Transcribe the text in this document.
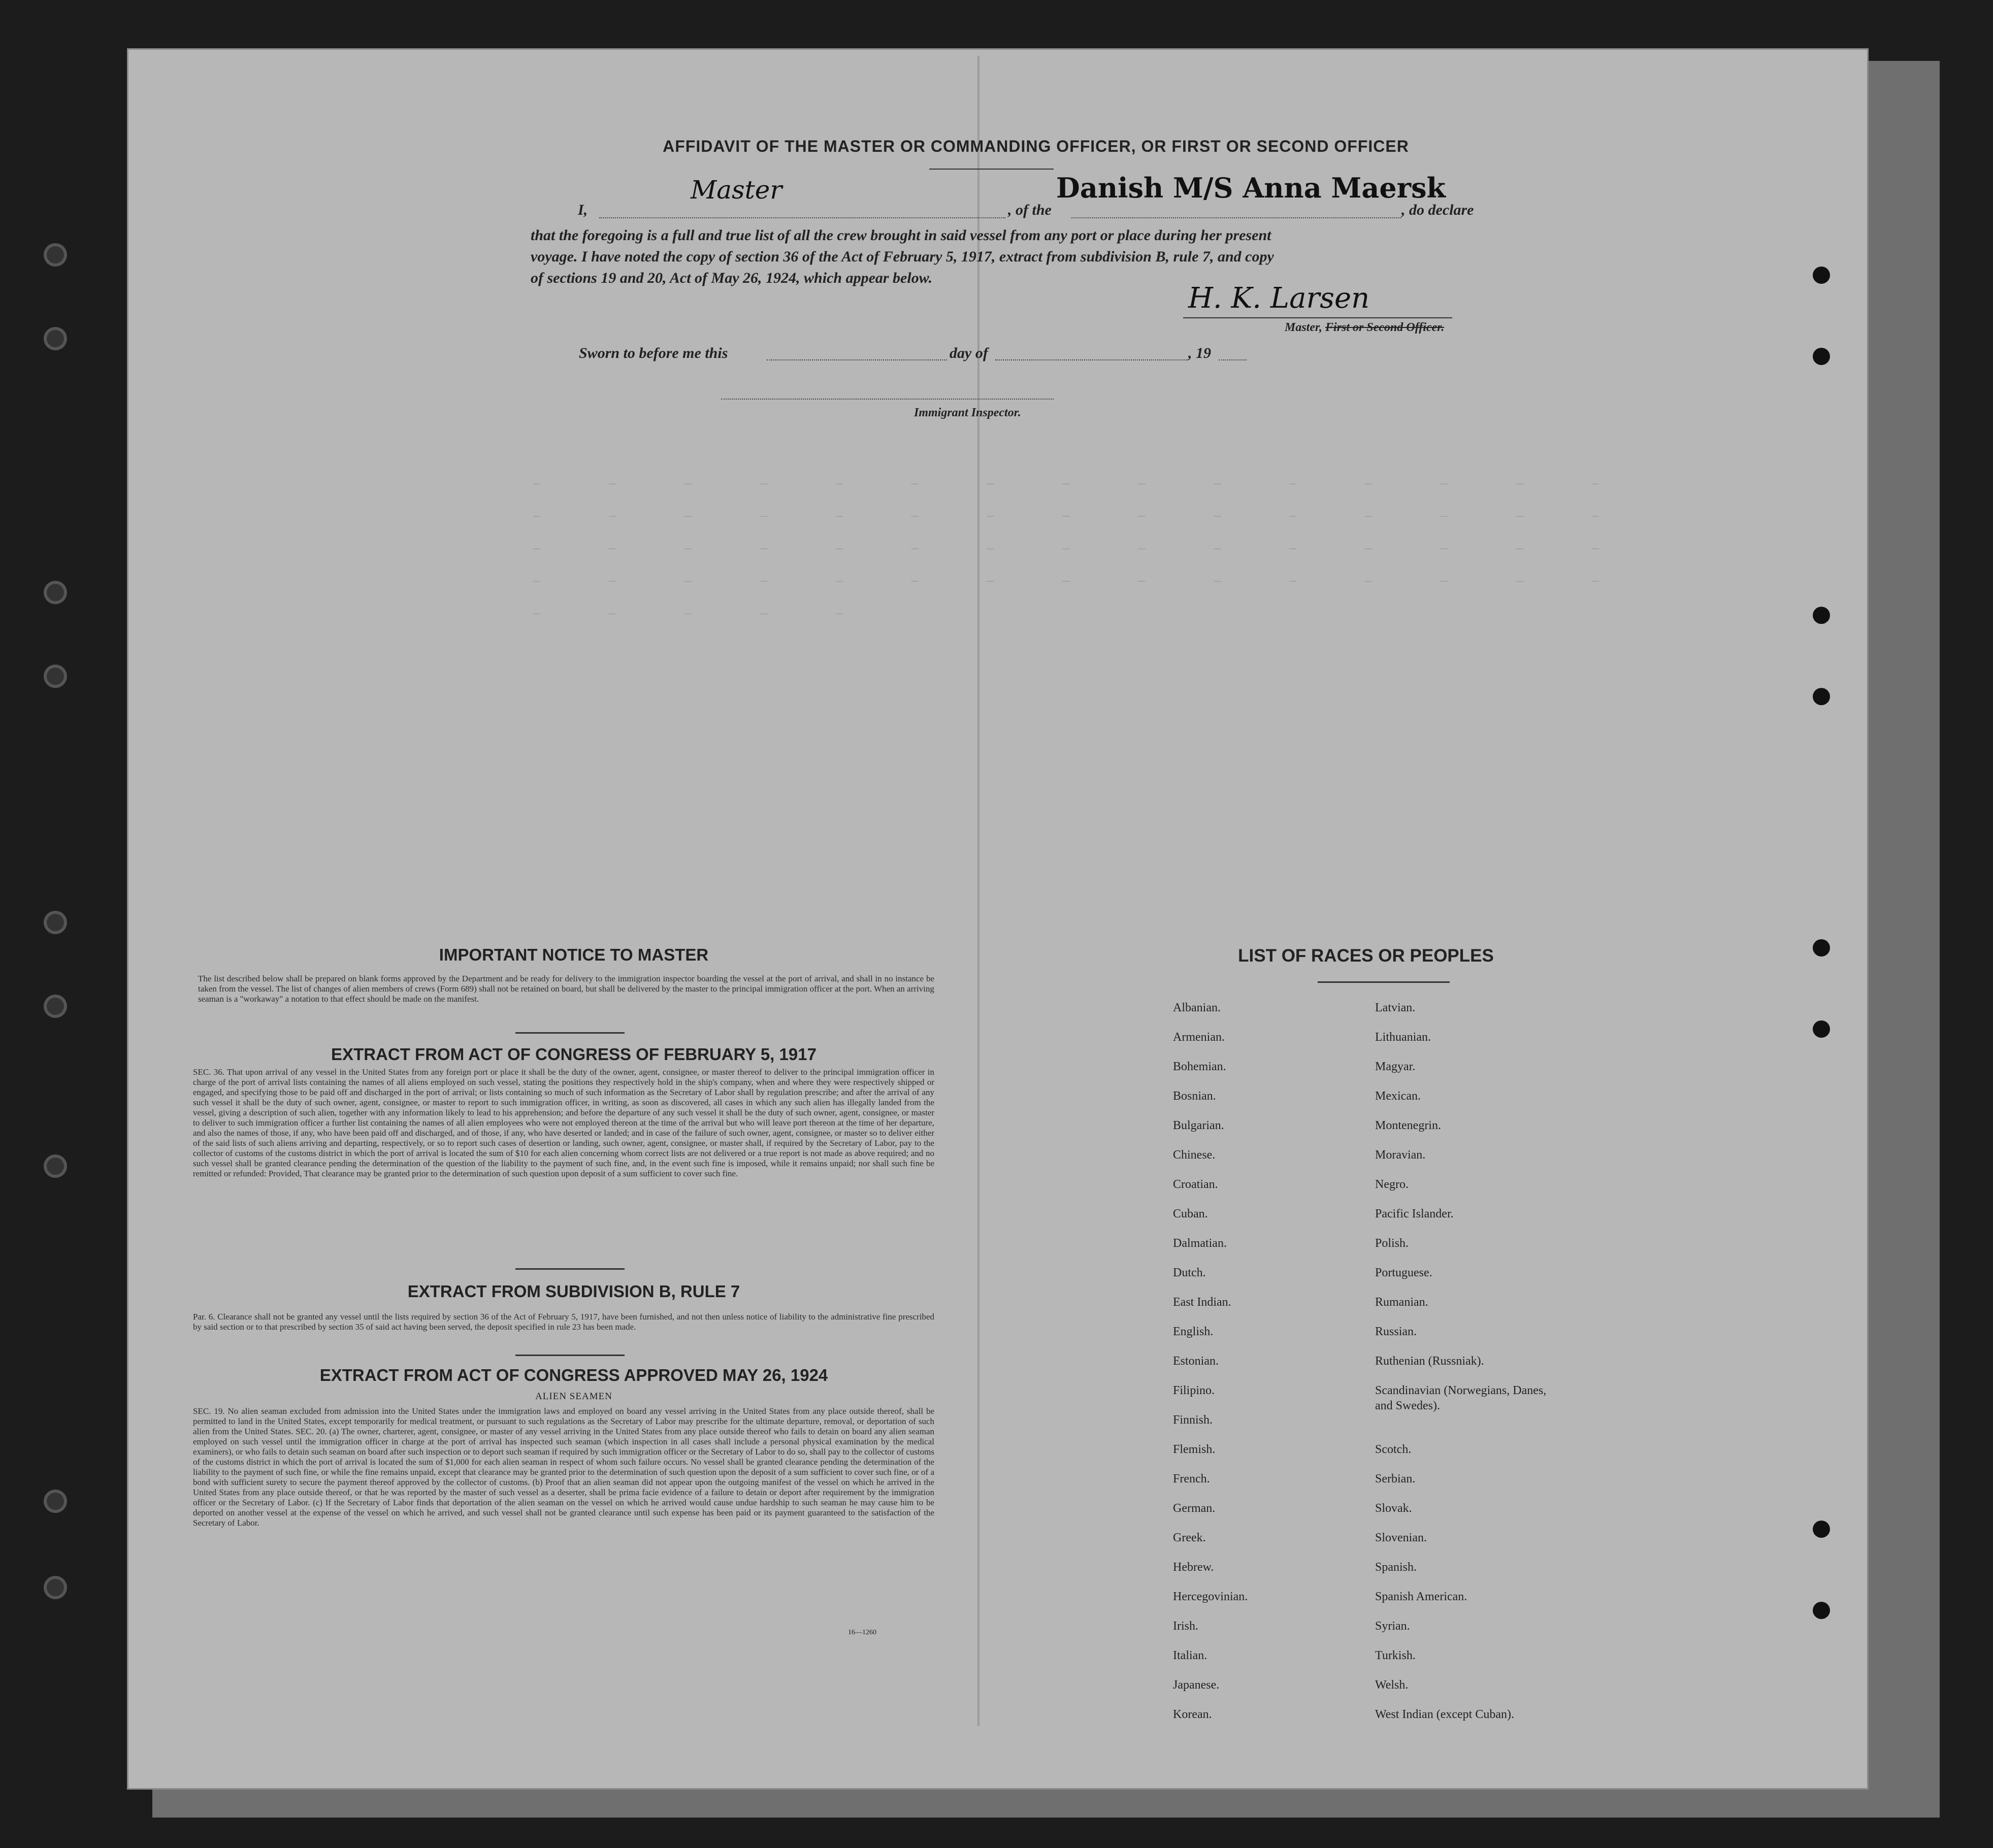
‒ ‒ ‒ ‒ ‒ ‒ ‒ ‒ ‒ ‒ ‒ ‒ ‒ ‒ ‒ ‒ ‒ ‒ ‒ ‒ ‒ ‒ ‒ ‒ ‒ ‒ ‒ ‒ ‒ ‒ ‒ ‒ ‒ ‒ ‒ ‒ ‒ ‒ ‒ ‒ ‒ ‒ ‒ ‒ ‒ ‒ ‒ ‒ ‒ ‒ ‒ ‒ ‒ ‒ ‒ ‒ ‒ ‒ ‒ ‒ ‒ ‒ ‒ ‒ ‒
AFFIDAVIT OF THE MASTER OR COMMANDING OFFICER, OR FIRST OR SECOND OFFICER
I,
Master
, of the
Danish M/S Anna Maersk
, do declare
that the foregoing is a full and true list of all the crew brought in said vessel from any port or place during her present
voyage. I have noted the copy of section 36 of the Act of February 5, 1917, extract from subdivision B, rule 7, and copy
of sections 19 and 20, Act of May 26, 1924, which appear below.
H. K. Larsen
Master, First or Second Officer.
Sworn to before me this	day of	, 19
Immigrant Inspector.
IMPORTANT NOTICE TO MASTER
The list described below shall be prepared on blank forms approved by the Department and be ready for delivery to the immigration inspector boarding the vessel at the port of arrival, and shall in no instance be taken from the vessel. The list of changes of alien members of crews (Form 689) shall not be retained on board, but shall be delivered by the master to the principal immigration officer at the port. When an arriving seaman is a "workaway" a notation to that effect should be made on the manifest.
EXTRACT FROM ACT OF CONGRESS OF FEBRUARY 5, 1917
SEC. 36. That upon arrival of any vessel in the United States from any foreign port or place it shall be the duty of the owner, agent, consignee, or master thereof to deliver to the principal immigration officer in charge of the port of arrival lists containing the names of all aliens employed on such vessel, stating the positions they respectively hold in the ship's company, when and where they were respectively shipped or engaged, and specifying those to be paid off and discharged in the port of arrival; or lists containing so much of such information as the Secretary of Labor shall by regulation prescribe; and after the arrival of any such vessel it shall be the duty of such owner, agent, consignee, or master to report to such immigration officer, in writing, as soon as discovered, all cases in which any such alien has illegally landed from the vessel, giving a description of such alien, together with any information likely to lead to his apprehension; and before the departure of any such vessel it shall be the duty of such owner, agent, consignee, or master to deliver to such immigration officer a further list containing the names of all alien employees who were not employed thereon at the time of the arrival but who will leave port thereon at the time of her departure, and also the names of those, if any, who have been paid off and discharged, and of those, if any, who have deserted or landed; and in case of the failure of such owner, agent, consignee, or master so to deliver either of the said lists of such aliens arriving and departing, respectively, or so to report such cases of desertion or landing, such owner, agent, consignee, or master shall, if required by the Secretary of Labor, pay to the collector of customs of the customs district in which the port of arrival is located the sum of $10 for each alien concerning whom correct lists are not delivered or a true report is not made as above required; and no such vessel shall be granted clearance pending the determination of the question of the liability to the payment of such fine, and, in the event such fine is imposed, while it remains unpaid; nor shall such fine be remitted or refunded: Provided, That clearance may be granted prior to the determination of such question upon deposit of a sum sufficient to cover such fine.
EXTRACT FROM SUBDIVISION B, RULE 7
Par. 6. Clearance shall not be granted any vessel until the lists required by section 36 of the Act of February 5, 1917, have been furnished, and not then unless notice of liability to the administrative fine prescribed by said section or to that prescribed by section 35 of said act having been served, the deposit specified in rule 23 has been made.
EXTRACT FROM ACT OF CONGRESS APPROVED MAY 26, 1924
ALIEN SEAMEN
SEC. 19. No alien seaman excluded from admission into the United States under the immigration laws and employed on board any vessel arriving in the United States from any place outside thereof, shall be permitted to land in the United States, except temporarily for medical treatment, or pursuant to such regulations as the Secretary of Labor may prescribe for the ultimate departure, removal, or deportation of such alien from the United States. SEC. 20. (a) The owner, charterer, agent, consignee, or master of any vessel arriving in the United States from any place outside thereof who fails to detain on board any alien seaman employed on such vessel until the immigration officer in charge at the port of arrival has inspected such seaman (which inspection in all cases shall include a personal physical examination by the medical examiners), or who fails to detain such seaman on board after such inspection or to deport such seaman if required by such immigration officer or the Secretary of Labor to do so, shall pay to the collector of customs of the customs district in which the port of arrival is located the sum of $1,000 for each alien seaman in respect of whom such failure occurs. No vessel shall be granted clearance pending the determination of the liability to the payment of such fine, or while the fine remains unpaid, except that clearance may be granted prior to the determination of such question upon the deposit of a sum sufficient to cover such fine, or of a bond with sufficient surety to secure the payment thereof approved by the collector of customs. (b) Proof that an alien seaman did not appear upon the outgoing manifest of the vessel on which he arrived in the United States from any place outside thereof, or that he was reported by the master of such vessel as a deserter, shall be prima facie evidence of a failure to detain or deport after requirement by the immigration officer or the Secretary of Labor. (c) If the Secretary of Labor finds that deportation of the alien seaman on the vessel on which he arrived would cause undue hardship to such seaman he may cause him to be deported on another vessel at the expense of the vessel on which he arrived, and such vessel shall not be granted clearance until such expense has been paid or its payment guaranteed to the satisfaction of the Secretary of Labor.
16—1260
LIST OF RACES OR PEOPLES
Albanian.
Armenian.
Bohemian.
Bosnian.
Bulgarian.
Chinese.
Croatian.
Cuban.
Dalmatian.
Dutch.
East Indian.
English.
Estonian.
Filipino.
Finnish.
Flemish.
French.
German.
Greek.
Hebrew.
Hercegovinian.
Irish.
Italian.
Japanese.
Korean.
Latvian.
Lithuanian.
Magyar.
Mexican.
Montenegrin.
Moravian.
Negro.
Pacific Islander.
Polish.
Portuguese.
Rumanian.
Russian.
Ruthenian (Russniak).
Scandinavian (Norwegians, Danes, and Swedes).
Scotch.
Serbian.
Slovak.
Slovenian.
Spanish.
Spanish American.
Syrian.
Turkish.
Welsh.
West Indian (except Cuban).
